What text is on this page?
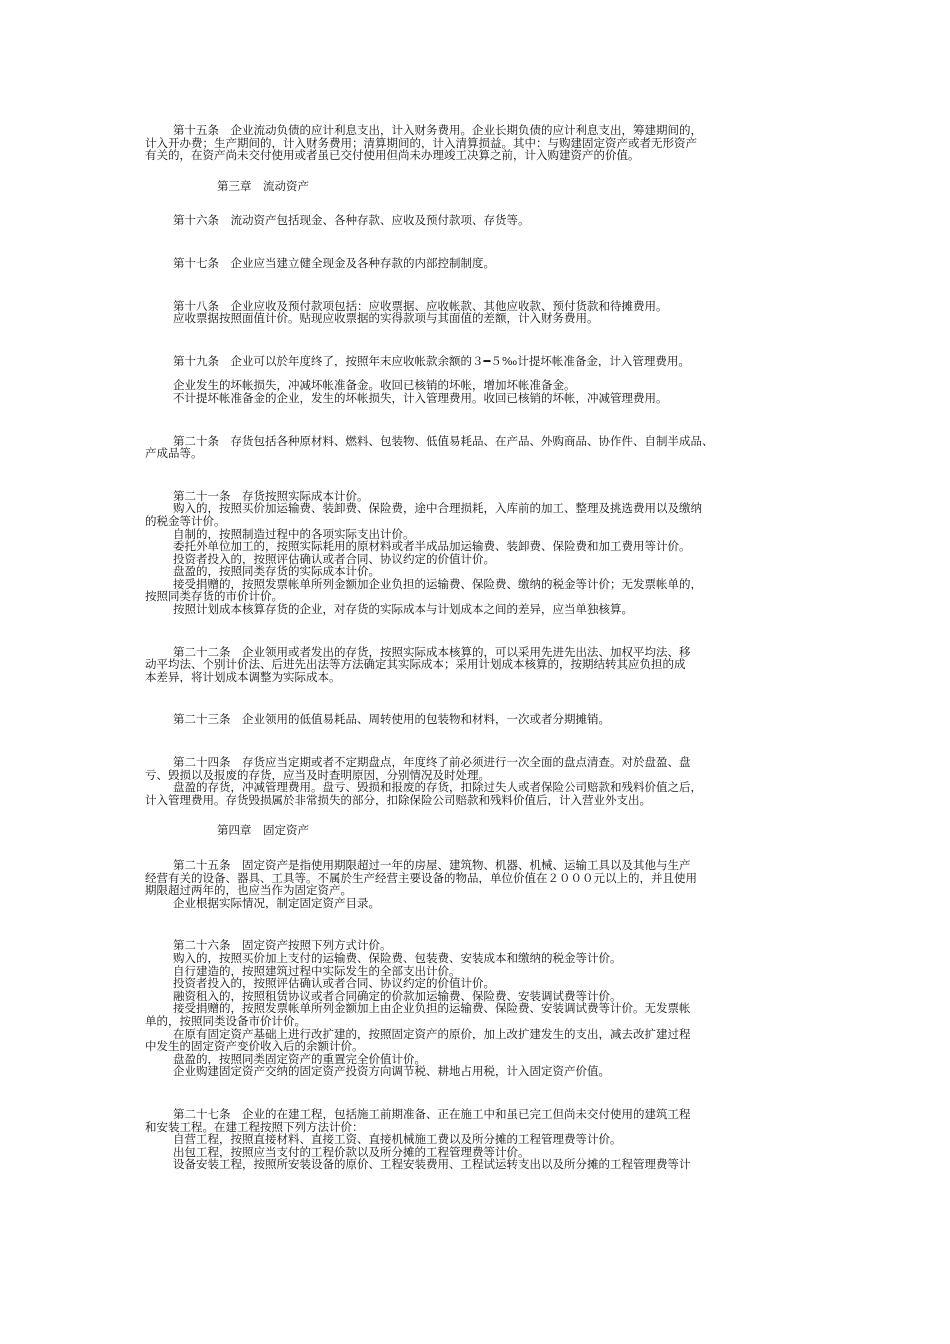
第十五条　企业流动负债的应计利息支出，计入财务费用。企业长期负债的应计利息支出，筹建期间的，
计入开办费；生产期间的，计入财务费用；清算期间的，计入清算损益。其中：与购建固定资产或者无形资产
有关的，在资产尚未交付使用或者虽已交付使用但尚未办理竣工决算之前，计入购建资产的价值。
第三章　流动资产
第十六条　流动资产包括现金、各种存款、应收及预付款项、存货等。
第十七条　企业应当建立健全现金及各种存款的内部控制制度。
第十八条　企业应收及预付款项包括：应收票据、应收帐款、其他应收款、预付货款和待摊费用。
应收票据按照面值计价。贴现应收票据的实得款项与其面值的差额，计入财务费用。
第十九条　企业可以於年度终了，按照年末应收帐款余额的３━５‰计提坏帐准备金，计入管理费用。
企业发生的坏帐损失，冲减坏帐准备金。收回已核销的坏帐，增加坏帐准备金。
不计提坏帐准备金的企业，发生的坏帐损失，计入管理费用。收回已核销的坏帐，冲减管理费用。
第二十条　存货包括各种原材料、燃料、包装物、低值易耗品、在产品、外购商品、协作件、自制半成品、
产成品等。
第二十一条　存货按照实际成本计价。
购入的，按照买价加运输费、装卸费、保险费，途中合理损耗，入库前的加工、整理及挑选费用以及缴纳
的税金等计价。
自制的，按照制造过程中的各项实际支出计价。
委托外单位加工的，按照实际耗用的原材料或者半成品加运输费、装卸费、保险费和加工费用等计价。
投资者投入的，按照评估确认或者合同、协议约定的价值计价。
盘盈的，按照同类存货的实际成本计价。
接受捐赠的，按照发票帐单所列金额加企业负担的运输费、保险费、缴纳的税金等计价；无发票帐单的，
按照同类存货的市价计价。
按照计划成本核算存货的企业，对存货的实际成本与计划成本之间的差异，应当单独核算。
第二十二条　企业领用或者发出的存货，按照实际成本核算的，可以采用先进先出法、加权平均法、移
动平均法、个别计价法、后进先出法等方法确定其实际成本；采用计划成本核算的，按期结转其应负担的成
本差异，将计划成本调整为实际成本。
第二十三条　企业领用的低值易耗品、周转使用的包装物和材料，一次或者分期摊销。
第二十四条　存货应当定期或者不定期盘点，年度终了前必须进行一次全面的盘点清查。对於盘盈、盘
亏、毁损以及报废的存货，应当及时查明原因，分别情况及时处理。
盘盈的存货，冲减管理费用。盘亏、毁损和报废的存货，扣除过失人或者保险公司赔款和残料价值之后，
计入管理费用。存货毁损属於非常损失的部分，扣除保险公司赔款和残料价值后，计入营业外支出。
第四章　固定资产
第二十五条　固定资产是指使用期限超过一年的房屋、建筑物、机器、机械、运输工具以及其他与生产
经营有关的设备、器具、工具等。不属於生产经营主要设备的物品，单位价值在２０００元以上的，并且使用
期限超过两年的，也应当作为固定资产。
企业根据实际情况，制定固定资产目录。
第二十六条　固定资产按照下列方式计价。
购入的，按照买价加上支付的运输费、保险费、包装费、安装成本和缴纳的税金等计价。
自行建造的，按照建筑过程中实际发生的全部支出计价。
投资者投入的，按照评估确认或者合同、协议约定的价值计价。
融资租入的，按照租赁协议或者合同确定的价款加运输费、保险费、安装调试费等计价。
接受捐赠的，按照发票帐单所列金额加上由企业负担的运输费、保险费、安装调试费等计价。无发票帐
单的，按照同类设备市价计价。
在原有固定资产基础上进行改扩建的，按照固定资产的原价，加上改扩建发生的支出，减去改扩建过程
中发生的固定资产变价收入后的余额计价。
盘盈的，按照同类固定资产的重置完全价值计价。
企业购建固定资产交纳的固定资产投资方向调节税、耕地占用税，计入固定资产价值。
第二十七条　企业的在建工程，包括施工前期准备、正在施工中和虽已完工但尚未交付使用的建筑工程
和安装工程。在建工程按照下列方法计价：
自营工程，按照直接材料、直接工资、直接机械施工费以及所分摊的工程管理费等计价。
出包工程，按照应当支付的工程价款以及所分摊的工程管理费等计价。
设备安装工程，按照所安装设备的原价、工程安装费用、工程试运转支出以及所分摊的工程管理费等计
